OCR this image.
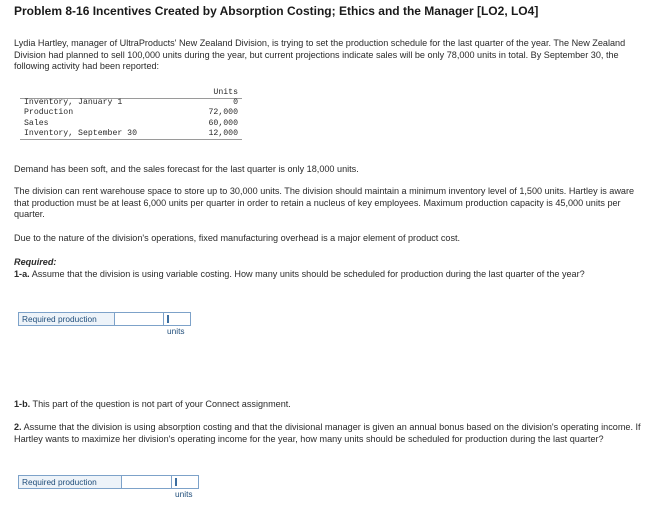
Problem 8-16 Incentives Created by Absorption Costing; Ethics and the Manager [LO2, LO4]
Lydia Hartley, manager of UltraProducts' New Zealand Division, is trying to set the production schedule for the last quarter of the year. The New Zealand Division had planned to sell 100,000 units during the year, but current projections indicate sales will be only 78,000 units in total. By September 30, the following activity had been reported:
Units
Inventory, January 1	0
Production	72,000
Sales	60,000
Inventory, September 30	12,000
Demand has been soft, and the sales forecast for the last quarter is only 18,000 units.
The division can rent warehouse space to store up to 30,000 units. The division should maintain a minimum inventory level of 1,500 units. Hartley is aware that production must be at least 6,000 units per quarter in order to retain a nucleus of key employees. Maximum production capacity is 45,000 units per quarter.
Due to the nature of the division's operations, fixed manufacturing overhead is a major element of product cost.
Required:
1-a. Assume that the division is using variable costing. How many units should be scheduled for production during the last quarter of the year?
Required production
units
1-b. This part of the question is not part of your Connect assignment.
2. Assume that the division is using absorption costing and that the divisional manager is given an annual bonus based on the division's operating income. If Hartley wants to maximize her division's operating income for the year, how many units should be scheduled for production during the last quarter?
Required production
units
